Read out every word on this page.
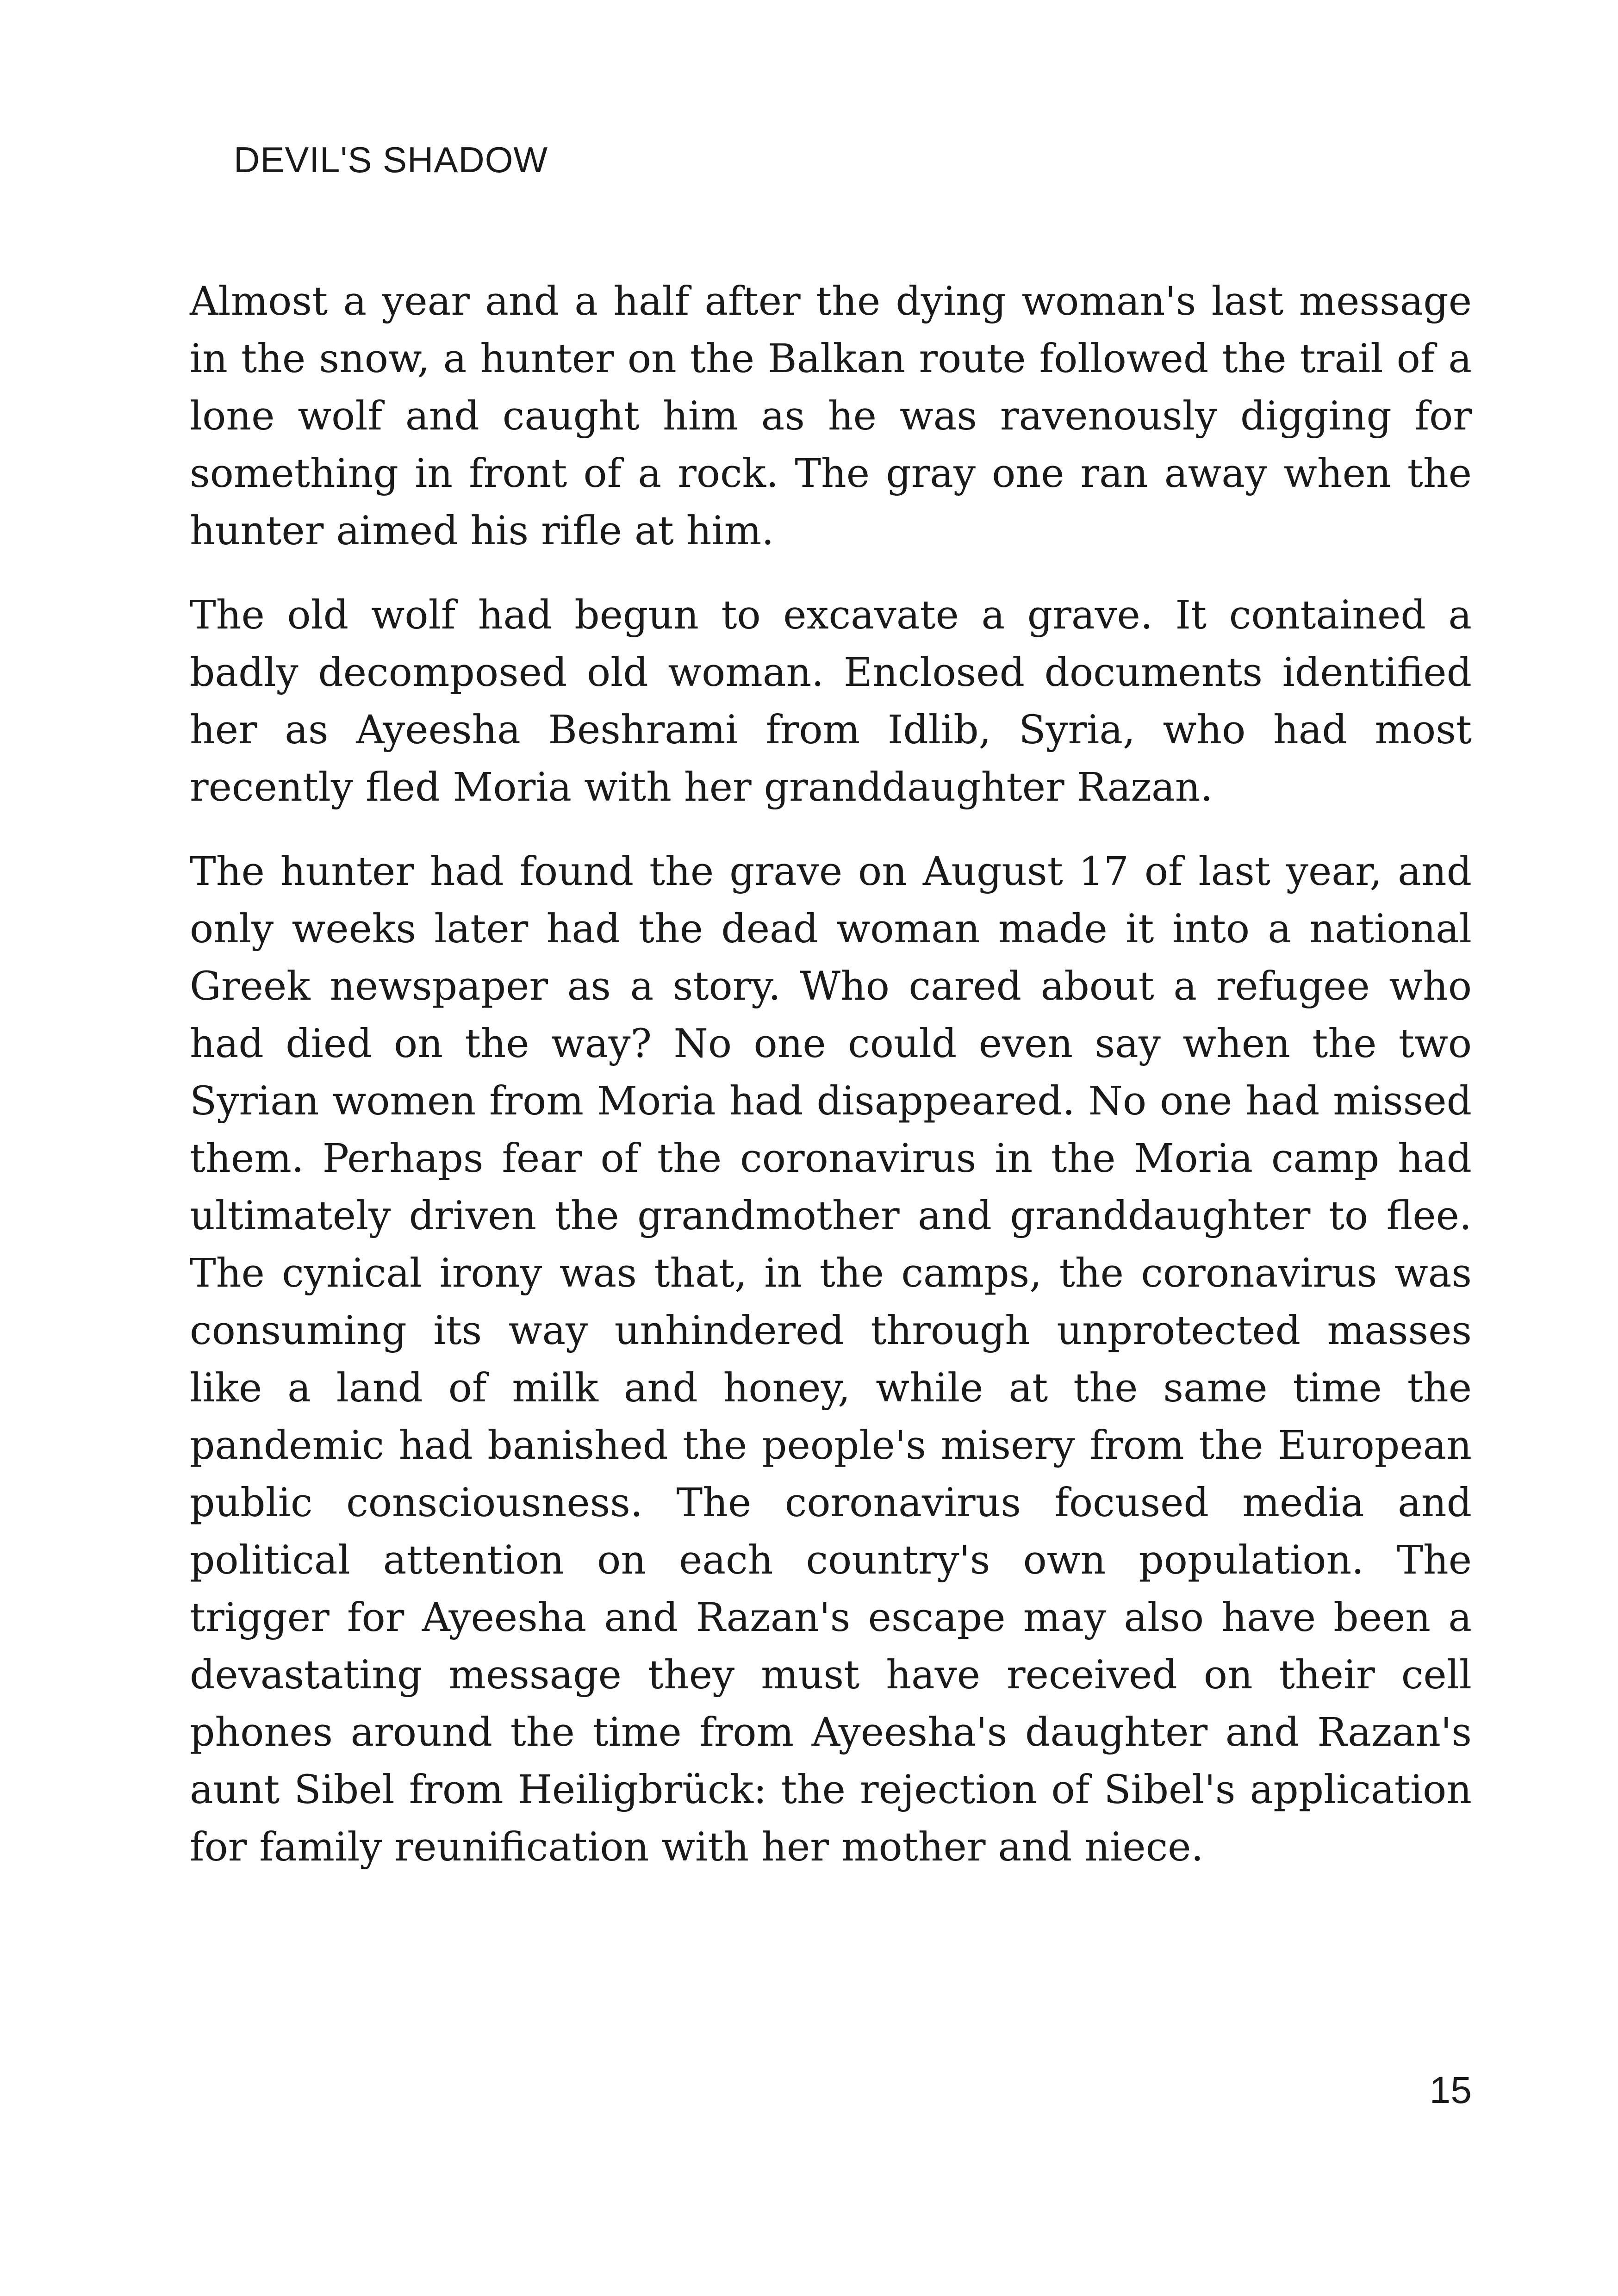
DEVIL'S SHADOW

Almost a year and a half after the dying woman's last message in the snow, a hunter on the Balkan route followed the trail of a lone wolf and caught him as he was ravenously digging for something in front of a rock. The gray one ran away when the hunter aimed his rifle at him.

The old wolf had begun to excavate a grave. It contained a badly decomposed old woman. Enclosed documents identified her as Ayeesha Beshrami from Idlib, Syria, who had most recently fled Moria with her granddaughter Razan.

The hunter had found the grave on August 17 of last year, and only weeks later had the dead woman made it into a national Greek newspaper as a story. Who cared about a refugee who had died on the way? No one could even say when the two Syrian women from Moria had disappeared. No one had missed them. Perhaps fear of the coronavirus in the Moria camp had ultimately driven the grandmother and granddaughter to flee. The cynical irony was that, in the camps, the coronavirus was consuming its way unhindered through unprotected masses like a land of milk and honey, while at the same time the pandemic had banished the people's misery from the European public consciousness. The coronavirus focused media and political attention on each country's own population. The trigger for Ayeesha and Razan's escape may also have been a devastating message they must have received on their cell phones around the time from Ayeesha's daughter and Razan's aunt Sibel from Heiligbrück: the rejection of Sibel's application for family reunification with her mother and niece.

15
